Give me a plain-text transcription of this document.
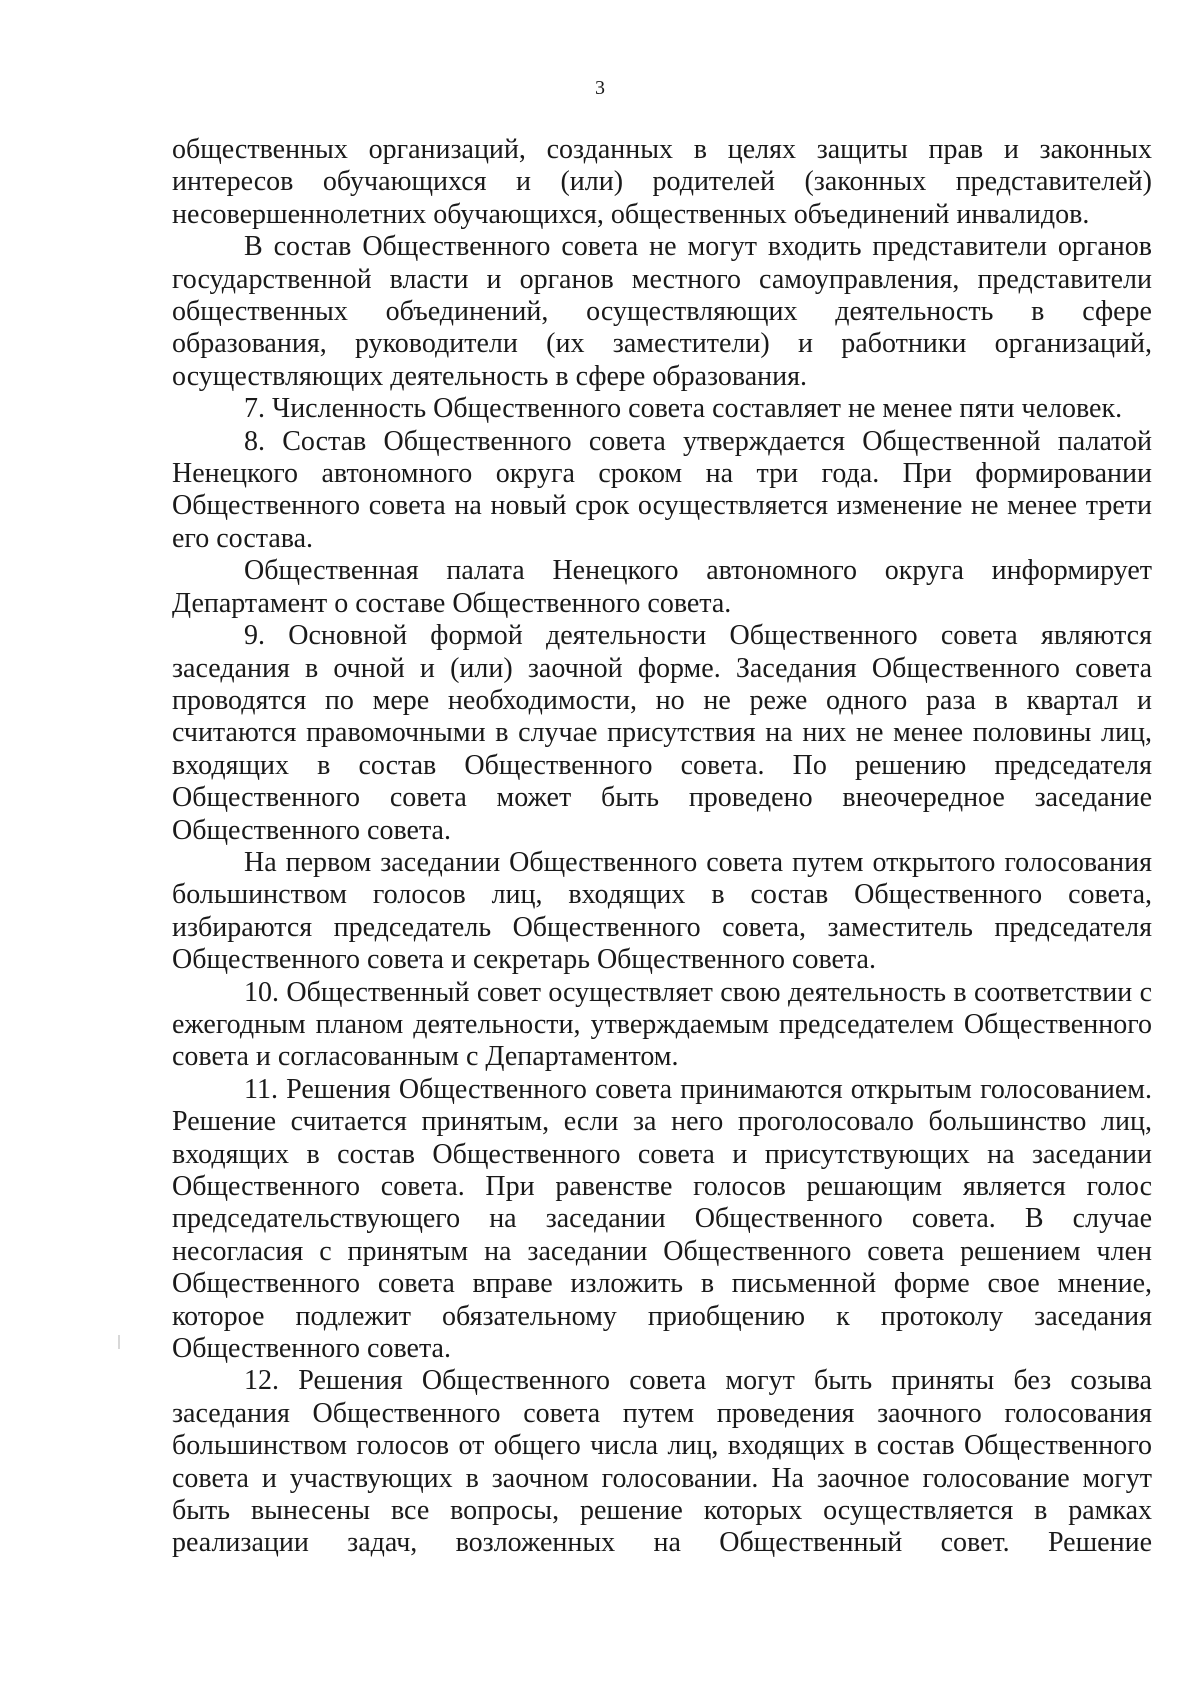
3

общественных организаций, созданных в целях защиты прав и законных интересов обучающихся и (или) родителей (законных представителей) несовершеннолетних обучающихся, общественных объединений инвалидов.

В состав Общественного совета не могут входить представители органов государственной власти и органов местного самоуправления, представители общественных объединений, осуществляющих деятельность в сфере образования, руководители (их заместители) и работники организаций, осуществляющих деятельность в сфере образования.

7. Численность Общественного совета составляет не менее пяти человек.

8. Состав Общественного совета утверждается Общественной палатой Ненецкого автономного округа сроком на три года. При формировании Общественного совета на новый срок осуществляется изменение не менее трети его состава.

Общественная палата Ненецкого автономного округа информирует Департамент о составе Общественного совета.

9. Основной формой деятельности Общественного совета являются заседания в очной и (или) заочной форме. Заседания Общественного совета проводятся по мере необходимости, но не реже одного раза в квартал и считаются правомочными в случае присутствия на них не менее половины лиц, входящих в состав Общественного совета. По решению председателя Общественного совета может быть проведено внеочередное заседание Общественного совета.

На первом заседании Общественного совета путем открытого голосования большинством голосов лиц, входящих в состав Общественного совета, избираются председатель Общественного совета, заместитель председателя Общественного совета и секретарь Общественного совета.

10. Общественный совет осуществляет свою деятельность в соответствии с ежегодным планом деятельности, утверждаемым председателем Общественного совета и согласованным с Департаментом.

11. Решения Общественного совета принимаются открытым голосованием. Решение считается принятым, если за него проголосовало большинство лиц, входящих в состав Общественного совета и присутствующих на заседании Общественного совета. При равенстве голосов решающим является голос председательствующего на заседании Общественного совета. В случае несогласия с принятым на заседании Общественного совета решением член Общественного совета вправе изложить в письменной форме свое мнение, которое подлежит обязательному приобщению к протоколу заседания Общественного совета.

12. Решения Общественного совета могут быть приняты без созыва заседания Общественного совета путем проведения заочного голосования большинством голосов от общего числа лиц, входящих в состав Общественного совета и участвующих в заочном голосовании. На заочное голосование могут быть вынесены все вопросы, решение которых осуществляется в рамках реализации задач, возложенных на Общественный совет. Решение
